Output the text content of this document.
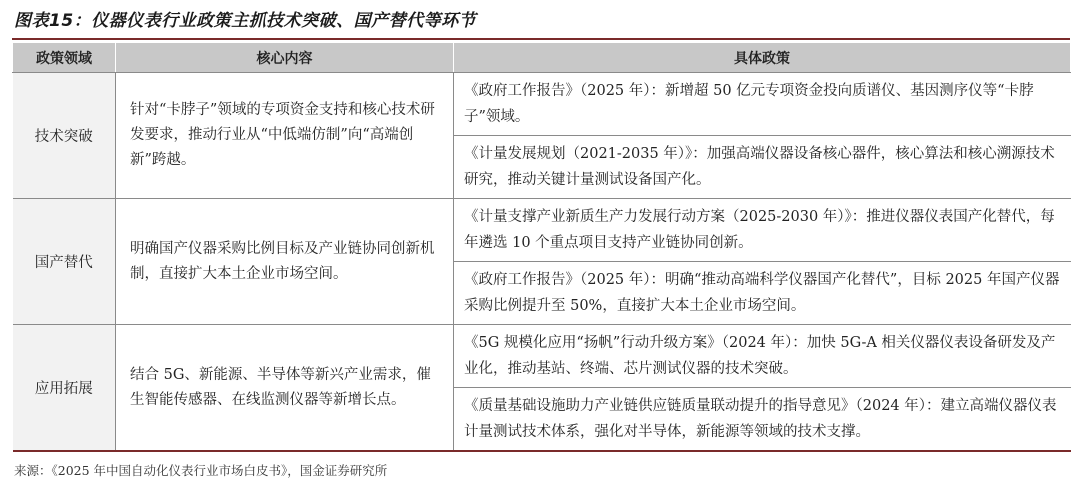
图表15：仪器仪表行业政策主抓技术突破、国产替代等环节
政策领域	核心内容	具体政策
技术突破	针对“卡脖子”领域的专项资金支持和核心技术研发要求，推动行业从“中低端仿制”向“高端创新”跨越。	《政府工作报告》（2025 年）：新增超 50 亿元专项资金投向质谱仪、基因测序仪等“卡脖子”领域。
		《计量发展规划（2021-2035 年）》：加强高端仪器设备核心器件，核心算法和核心溯源技术研究，推动关键计量测试设备国产化。
国产替代	明确国产仪器采购比例目标及产业链协同创新机制，直接扩大本土企业市场空间。	《计量支撑产业新质生产力发展行动方案（2025-2030 年）》：推进仪器仪表国产化替代，每年遴选 10 个重点项目支持产业链协同创新。
		《政府工作报告》（2025 年）：明确“推动高端科学仪器国产化替代”，目标 2025 年国产仪器采购比例提升至 50%，直接扩大本土企业市场空间。
应用拓展	结合 5G、新能源、半导体等新兴产业需求，催生智能传感器、在线监测仪器等新增长点。	《5G 规模化应用“扬帆”行动升级方案》（2024 年）：加快 5G-A 相关仪器仪表设备研发及产业化，推动基站、终端、芯片测试仪器的技术突破。
		《质量基础设施助力产业链供应链质量联动提升的指导意见》（2024 年）：建立高端仪器仪表计量测试技术体系，强化对半导体，新能源等领域的技术支撑。
来源：《2025 年中国自动化仪表行业市场白皮书》，国金证券研究所
